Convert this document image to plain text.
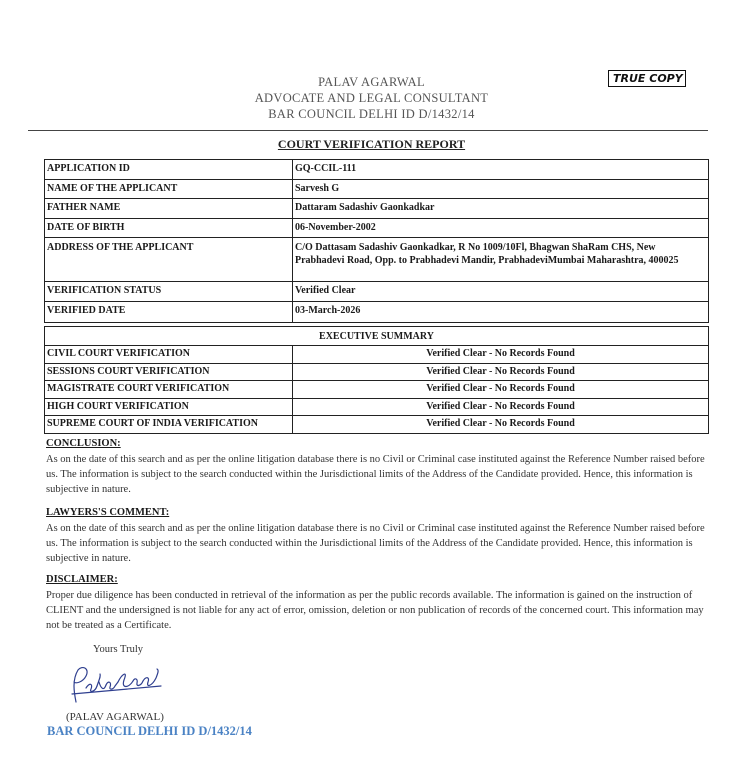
PALAV AGARWAL
ADVOCATE AND LEGAL CONSULTANT
BAR COUNCIL DELHI ID D/1432/14
TRUE COPY
COURT VERIFICATION REPORT
APPLICATION ID	GQ-CCIL-111
NAME OF THE APPLICANT	Sarvesh G
FATHER NAME	Dattaram Sadashiv Gaonkadkar
DATE OF BIRTH	06-November-2002
ADDRESS OF THE APPLICANT	C/O Dattasam Sadashiv Gaonkadkar, R No 1009/10Fl, Bhagwan ShaRam CHS, New Prabhadevi Road, Opp. to Prabhadevi Mandir, PrabhadeviMumbai Maharashtra, 400025
VERIFICATION STATUS	Verified Clear
VERIFIED DATE	03-March-2026
EXECUTIVE SUMMARY	
CIVIL COURT VERIFICATION	Verified Clear - No Records Found
SESSIONS COURT VERIFICATION	Verified Clear - No Records Found
MAGISTRATE COURT VERIFICATION	Verified Clear - No Records Found
HIGH COURT VERIFICATION	Verified Clear - No Records Found
SUPREME COURT OF INDIA VERIFICATION	Verified Clear - No Records Found
CONCLUSION:
As on the date of this search and as per the online litigation database there is no Civil or Criminal case instituted against the Reference Number raised before us. The information is subject to the search conducted within the Jurisdictional limits of the Address of the Candidate provided. Hence, this information is subjective in nature.
LAWYERS'S COMMENT:
As on the date of this search and as per the online litigation database there is no Civil or Criminal case instituted against the Reference Number raised before us. The information is subject to the search conducted within the Jurisdictional limits of the Address of the Candidate provided. Hence, this information is subjective in nature.
DISCLAIMER:
Proper due diligence has been conducted in retrieval of the information as per the public records available. The information is gained on the instruction of CLIENT and the undersigned is not liable for any act of error, omission, deletion or non publication of records of the concerned court. This information may not be treated as a Certificate.
Yours Truly
(PALAV AGARWAL)
BAR COUNCIL DELHI ID D/1432/14
